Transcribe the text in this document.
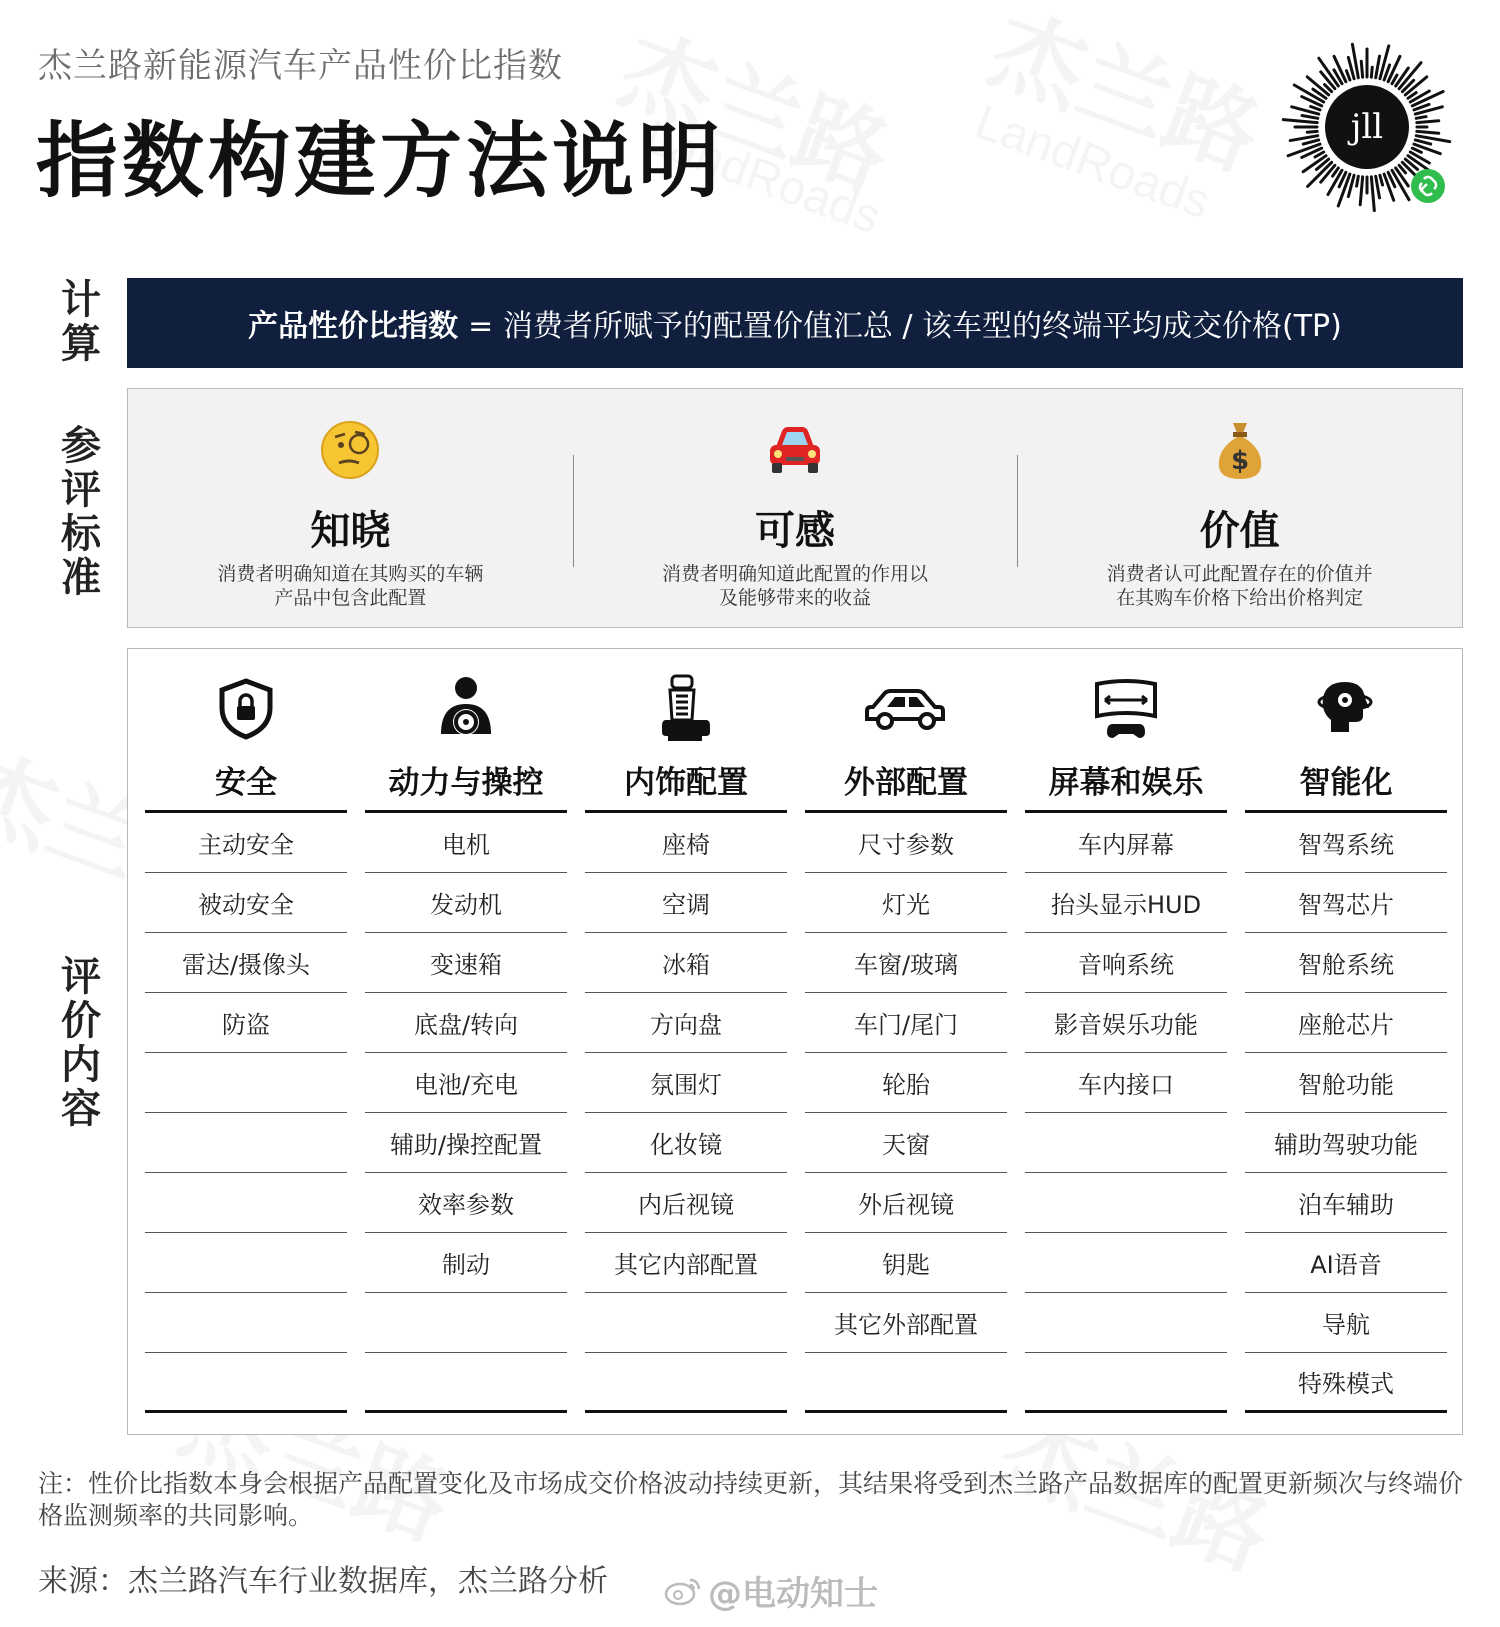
杰兰路新能源汽车产品性价比指数
指数构建方法说明	jll
计
算
参
评
标
准
评
价
内
容
产品性价比指数 = 消费者所赋予的配置价值汇总 / 该车型的终端平均成交价格(TP)
知晓
消费者明确知道在其购买的车辆
产品中包含此配置
可感
消费者明确知道此配置的作用以
及能够带来的收益
$
价值
消费者认可此配置存在的价值并
在其购车价格下给出价格判定
安全
主动安全
被动安全
雷达/摄像头
防盗
动力与操控
电机
发动机
变速箱
底盘/转向
电池/充电
辅助/操控配置
效率参数
制动
内饰配置
座椅
空调
冰箱
方向盘
氛围灯
化妆镜
内后视镜
其它内部配置
外部配置
尺寸参数
灯光
车窗/玻璃
车门/尾门
轮胎
天窗
外后视镜
钥匙
其它外部配置
屏幕和娱乐
车内屏幕
抬头显示HUD
音响系统
影音娱乐功能
车内接口
智能化
智驾系统
智驾芯片
智舱系统
座舱芯片
智舱功能
辅助驾驶功能
泊车辅助
AI语音
导航
特殊模式
注：性价比指数本身会根据产品配置变化及市场成交价格波动持续更新，其结果将受到杰兰路产品数据库的配置更新频次与终端价格监测频率的共同影响。
来源：杰兰路汽车行业数据库，杰兰路分析	@电动知士
